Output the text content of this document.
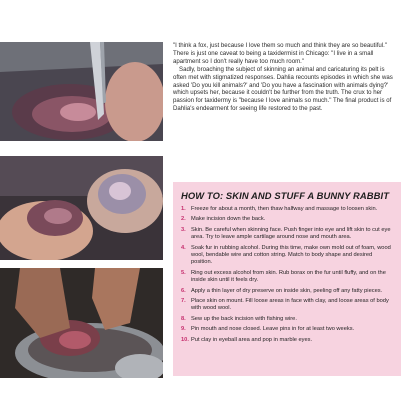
"I think a fox, just because I love them so much and think they are so beautiful." There is just one caveat to being a taxidermist in Chicago: "I live in a small apartment so I don't really have too much room."

Sadly, broaching the subject of skinning an animal and caricaturing its pelt is often met with stigmatized responses. Dahlia recounts episodes in which she was asked 'Do you kill animals?' and 'Do you have a fascination with animals dying?' which upsets her, because it couldn't be further from the truth. The crux to her passion for taxidermy is "because I love animals so much." The final product is of Dahlia's endearment for seeing life restored to the past.

HOW TO: SKIN AND STUFF A BUNNY RABBIT
1. Freeze for about a month, then thaw halfway and massage to loosen skin.
2. Make incision down the back.
3. Skin. Be careful when skinning face. Push finger into eye and lift skin to cut eye area. Try to leave ample cartilage around nose and mouth area.
4. Soak fur in rubbing alcohol. During this time, make own mold out of foam, wood wool, bendable wire and cotton string. Match to body shape and desired position.
5. Ring out excess alcohol from skin. Rub borax on the fur until fluffy, and on the inside skin until it feels dry.
6. Apply a thin layer of dry preserve on inside skin, peeling off any fatty pieces.
7. Place skin on mount. Fill loose areas in face with clay, and loose areas of body with wood wool.
8. Sew up the back incision with fishing wire.
9. Pin mouth and nose closed. Leave pins in for at least two weeks.
10. Put clay in eyeball area and pop in marble eyes.
